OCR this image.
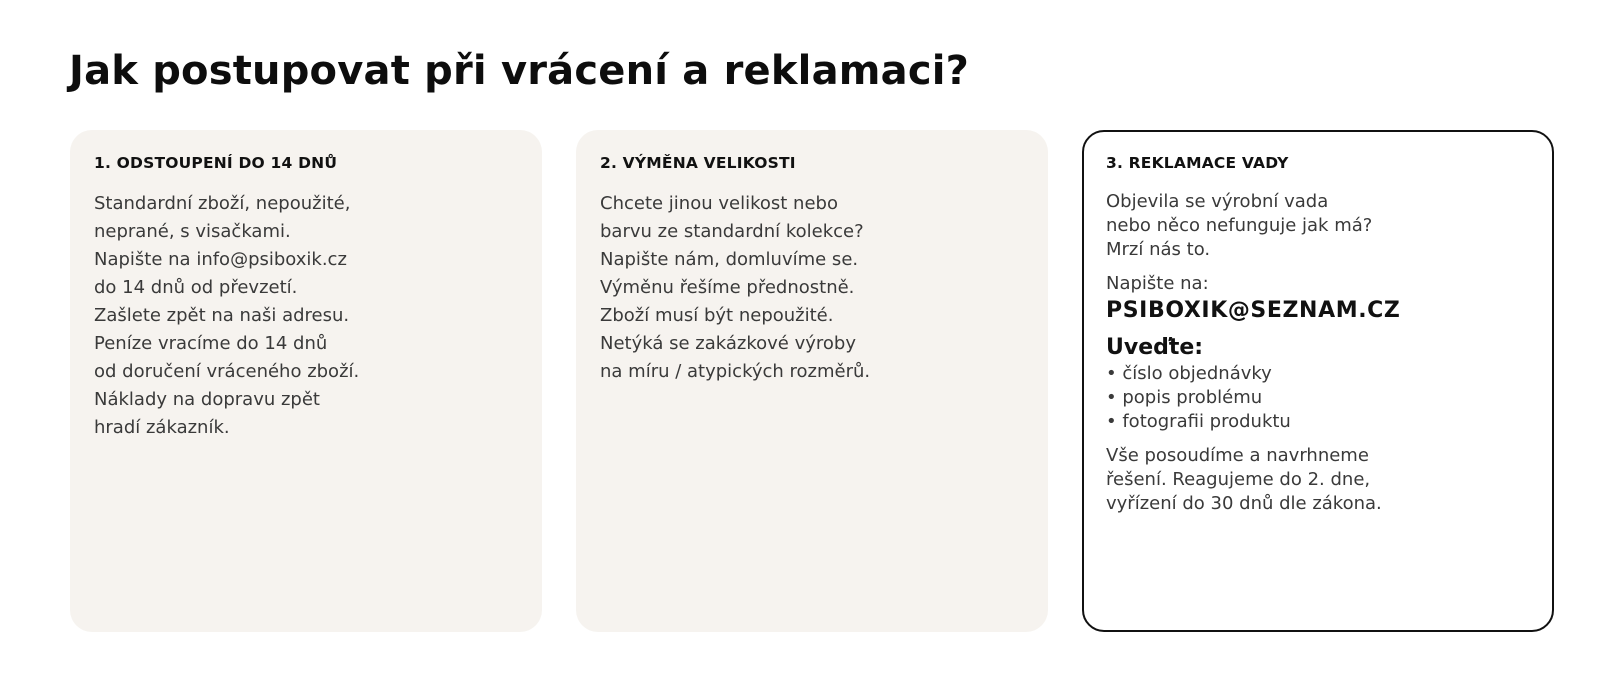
Jak postupovat při vrácení a reklamaci?
1. ODSTOUPENÍ DO 14 DNŮ
Standardní zboží, nepoužité,
neprané, s visačkami.
Napište na info@psiboxik.cz
do 14 dnů od převzetí.
Zašlete zpět na naši adresu.
Peníze vracíme do 14 dnů
od doručení vráceného zboží.
Náklady na dopravu zpět
hradí zákazník.
2. VÝMĚNA VELIKOSTI
Chcete jinou velikost nebo
barvu ze standardní kolekce?
Napište nám, domluvíme se.
Výměnu řešíme přednostně.
Zboží musí být nepoužité.
Netýká se zakázkové výroby
na míru / atypických rozměrů.
3. REKLAMACE VADY
Objevila se výrobní vada
nebo něco nefunguje jak má?
Mrzí nás to.
Napište na:
PSIBOXIK@SEZNAM.CZ
Uveďte:
• číslo objednávky
• popis problému
• fotografii produktu
Vše posoudíme a navrhneme
řešení. Reagujeme do 2. dne,
vyřízení do 30 dnů dle zákona.
